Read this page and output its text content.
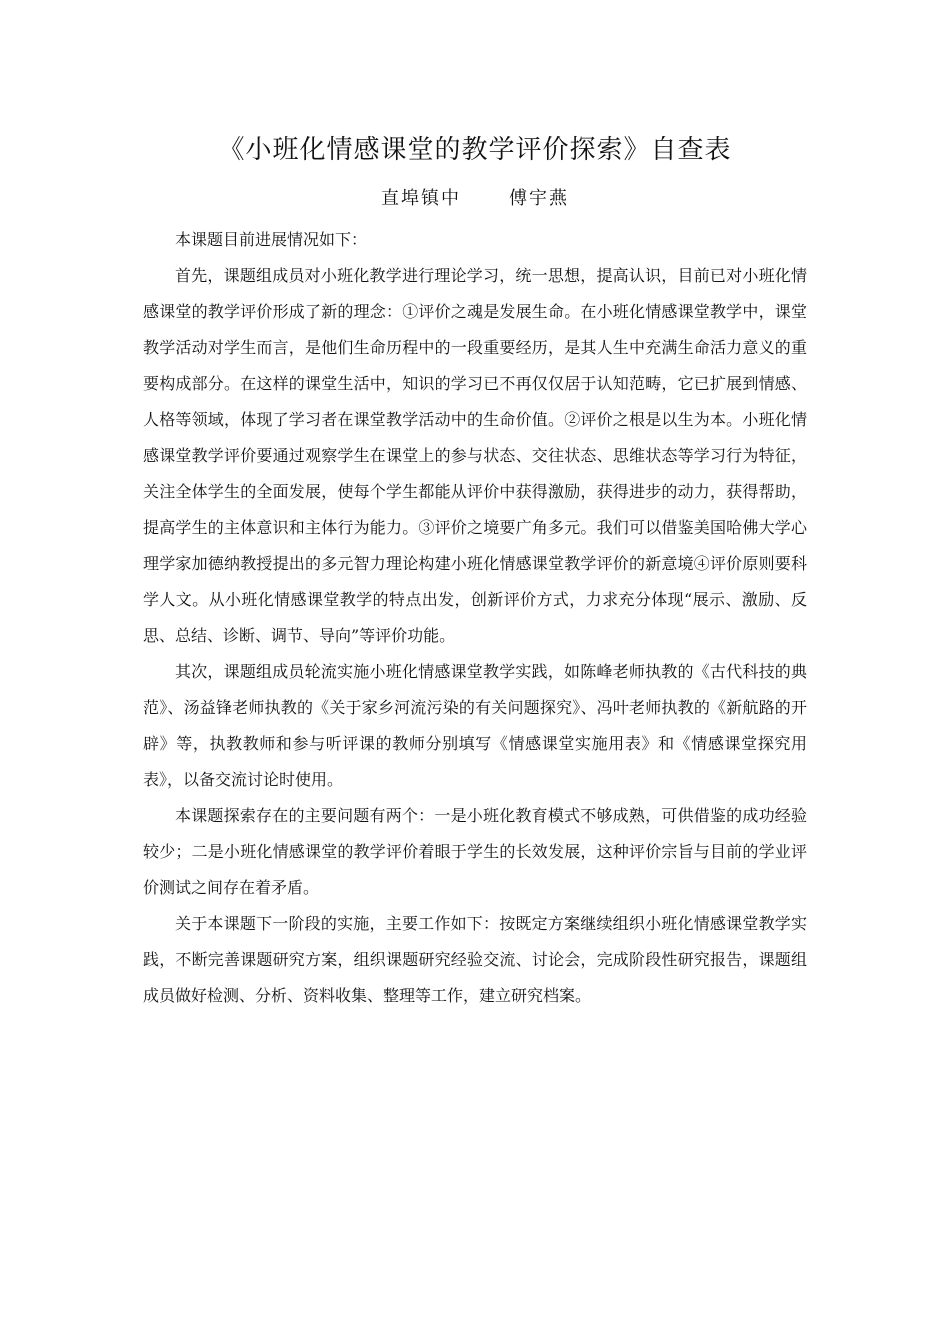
《小班化情感课堂的教学评价探索》自查表
直埠镇中	傅宇燕

本课题目前进展情况如下：

首先，课题组成员对小班化教学进行理论学习，统一思想，提高认识，目前已对小班化情感课堂的教学评价形成了新的理念：①评价之魂是发展生命。在小班化情感课堂教学中，课堂教学活动对学生而言，是他们生命历程中的一段重要经历，是其人生中充满生命活力意义的重要构成部分。在这样的课堂生活中，知识的学习已不再仅仅居于认知范畴，它已扩展到情感、人格等领域，体现了学习者在课堂教学活动中的生命价值。②评价之根是以生为本。小班化情感课堂教学评价要通过观察学生在课堂上的参与状态、交往状态、思维状态等学习行为特征，关注全体学生的全面发展，使每个学生都能从评价中获得激励，获得进步的动力，获得帮助，提高学生的主体意识和主体行为能力。③评价之境要广角多元。我们可以借鉴美国哈佛大学心理学家加德纳教授提出的多元智力理论构建小班化情感课堂教学评价的新意境④评价原则要科学人文。从小班化情感课堂教学的特点出发，创新评价方式，力求充分体现“展示、激励、反思、总结、诊断、调节、导向”等评价功能。

其次，课题组成员轮流实施小班化情感课堂教学实践，如陈峰老师执教的《古代科技的典范》、汤益锋老师执教的《关于家乡河流污染的有关问题探究》、冯叶老师执教的《新航路的开辟》等，执教教师和参与听评课的教师分别填写《情感课堂实施用表》和《情感课堂探究用表》，以备交流讨论时使用。

本课题探索存在的主要问题有两个：一是小班化教育模式不够成熟，可供借鉴的成功经验较少；二是小班化情感课堂的教学评价着眼于学生的长效发展，这种评价宗旨与目前的学业评价测试之间存在着矛盾。

关于本课题下一阶段的实施，主要工作如下：按既定方案继续组织小班化情感课堂教学实践，不断完善课题研究方案，组织课题研究经验交流、讨论会，完成阶段性研究报告，课题组成员做好检测、分析、资料收集、整理等工作，建立研究档案。
